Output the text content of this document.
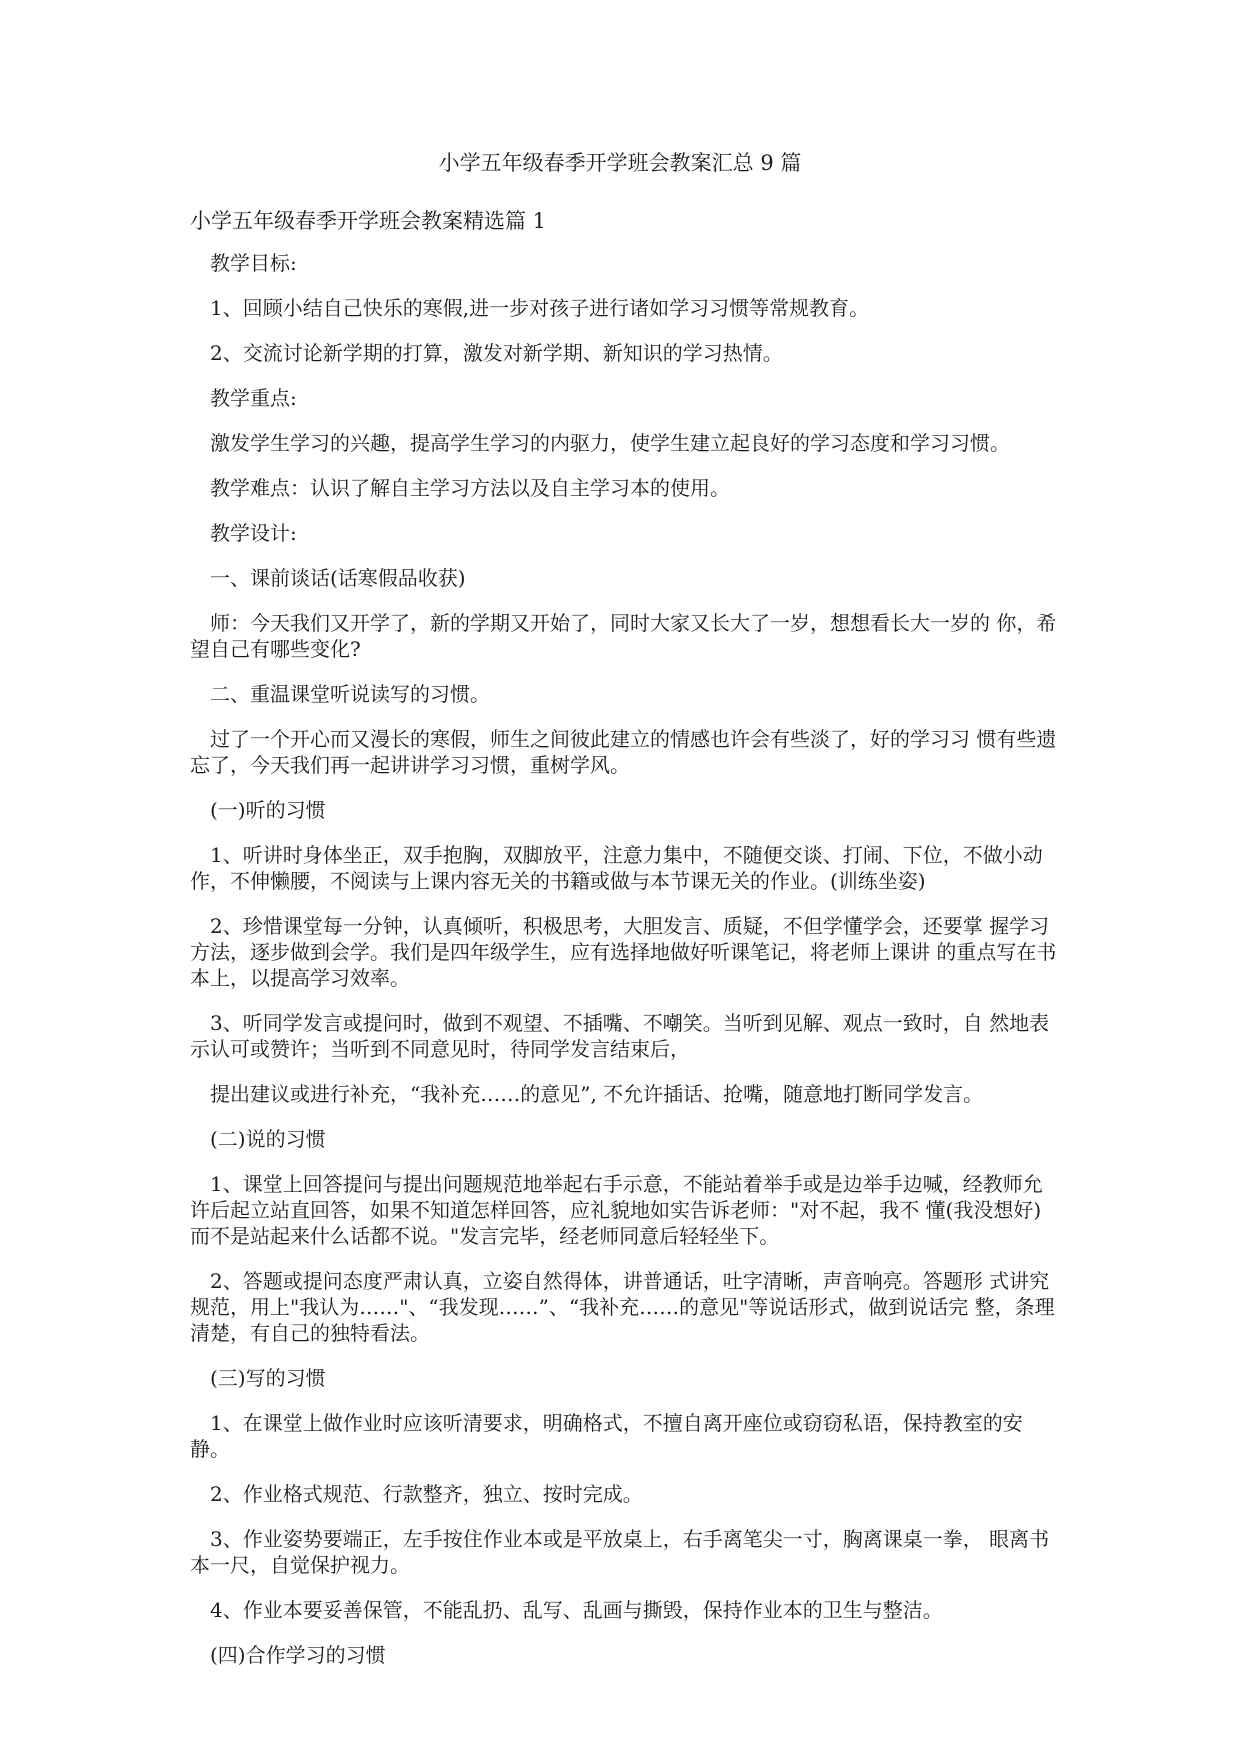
小学五年级春季开学班会教案汇总 9 篇
小学五年级春季开学班会教案精选篇 1
教学目标:
1、回顾小结自己快乐的寒假,进一步对孩子进行诸如学习习惯等常规教育。
2、交流讨论新学期的打算，激发对新学期、新知识的学习热情。
教学重点:
激发学生学习的兴趣，提高学生学习的内驱力，使学生建立起良好的学习态度和学习习惯。
教学难点：认识了解自主学习方法以及自主学习本的使用。
教学设计:
一、课前谈话(话寒假品收获)
师：今天我们又开学了，新的学期又开始了，同时大家又长大了一岁，想想看长大一岁的 你，希望自己有哪些变化?
二、重温课堂听说读写的习惯。
过了一个开心而又漫长的寒假，师生之间彼此建立的情感也许会有些淡了，好的学习习 惯有些遗忘了，今天我们再一起讲讲学习习惯，重树学风。
(一)听的习惯
1、听讲时身体坐正，双手抱胸，双脚放平，注意力集中，不随便交谈、打闹、下位，不做小动作，不伸懒腰，不阅读与上课内容无关的书籍或做与本节课无关的作业。(训练坐姿)
2、珍惜课堂每一分钟，认真倾听，积极思考，大胆发言、质疑，不但学懂学会，还要掌 握学习方法，逐步做到会学。我们是四年级学生，应有选择地做好听课笔记，将老师上课讲 的重点写在书本上，以提高学习效率。
3、听同学发言或提问时，做到不观望、不插嘴、不嘲笑。当听到见解、观点一致时，自 然地表示认可或赞许；当听到不同意见时，待同学发言结束后，
提出建议或进行补充，“我补充……的意见”, 不允许插话、抢嘴，随意地打断同学发言。
(二)说的习惯
1、课堂上回答提问与提出问题规范地举起右手示意，不能站着举手或是边举手边喊，经教师允许后起立站直回答，如果不知道怎样回答，应礼貌地如实告诉老师："对不起，我不 懂(我没想好)而不是站起来什么话都不说。"发言完毕，经老师同意后轻轻坐下。
2、答题或提问态度严肃认真，立姿自然得体，讲普通话，吐字清晰，声音响亮。答题形 式讲究规范，用上"我认为……"、“我发现……”、“我补充……的意见"等说话形式，做到说话完 整，条理清楚，有自己的独特看法。
(三)写的习惯
1、在课堂上做作业时应该听清要求，明确格式，不擅自离开座位或窃窃私语，保持教室的安静。
2、作业格式规范、行款整齐，独立、按时完成。
3、作业姿势要端正，左手按住作业本或是平放桌上，右手离笔尖一寸，胸离课桌一拳， 眼离书本一尺，自觉保护视力。
4、作业本要妥善保管，不能乱扔、乱写、乱画与撕毁，保持作业本的卫生与整洁。
(四)合作学习的习惯
